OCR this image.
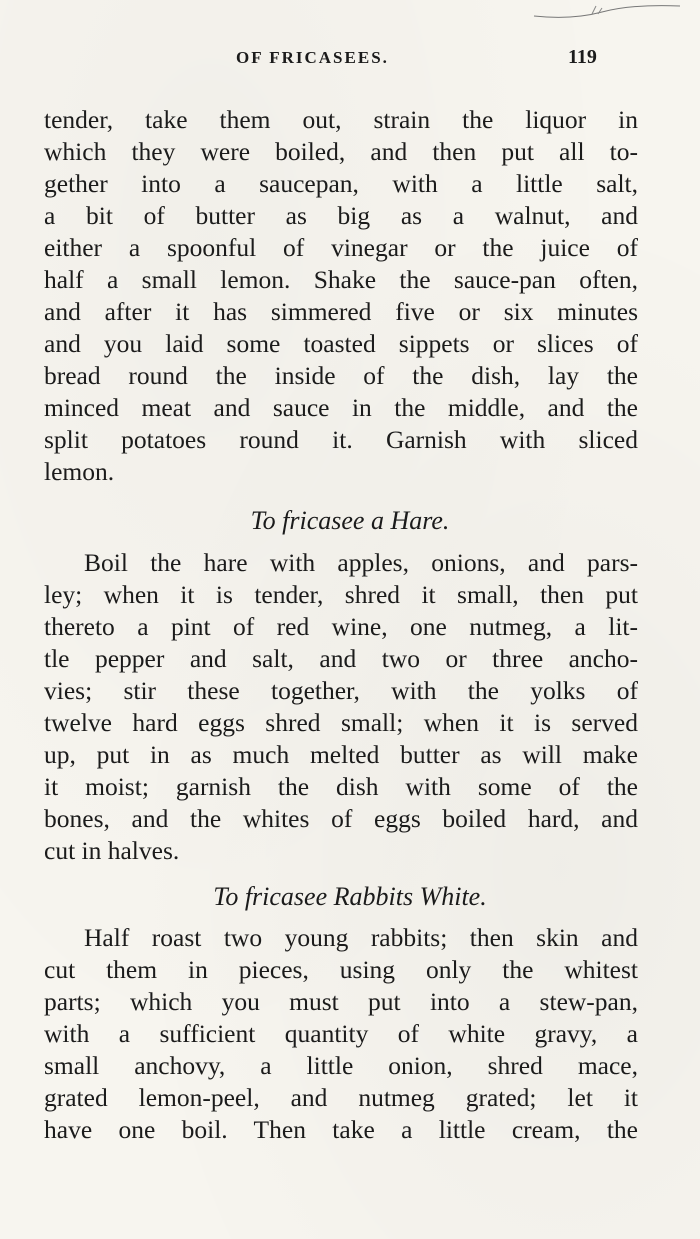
OF FRICASEES.	119
tender, take them out, strain the liquor in
which they were boiled, and then put all to-
gether into a saucepan, with a little salt,
a bit of butter as big as a walnut, and
either a spoonful of vinegar or the juice of
half a small lemon. Shake the sauce-pan often,
and after it has simmered five or six minutes
and you laid some toasted sippets or slices of
bread round the inside of the dish, lay the
minced meat and sauce in the middle, and the
split potatoes round it. Garnish with sliced
lemon.
To fricasee a Hare.
Boil the hare with apples, onions, and pars-
ley; when it is tender, shred it small, then put
thereto a pint of red wine, one nutmeg, a lit-
tle pepper and salt, and two or three ancho-
vies; stir these together, with the yolks of
twelve hard eggs shred small; when it is served
up, put in as much melted butter as will make
it moist; garnish the dish with some of the
bones, and the whites of eggs boiled hard, and
cut in halves.
To fricasee Rabbits White.
Half roast two young rabbits; then skin and
cut them in pieces, using only the whitest
parts; which you must put into a stew-pan,
with a sufficient quantity of white gravy, a
small anchovy, a little onion, shred mace,
grated lemon-peel, and nutmeg grated; let it
have one boil. Then take a little cream, the
